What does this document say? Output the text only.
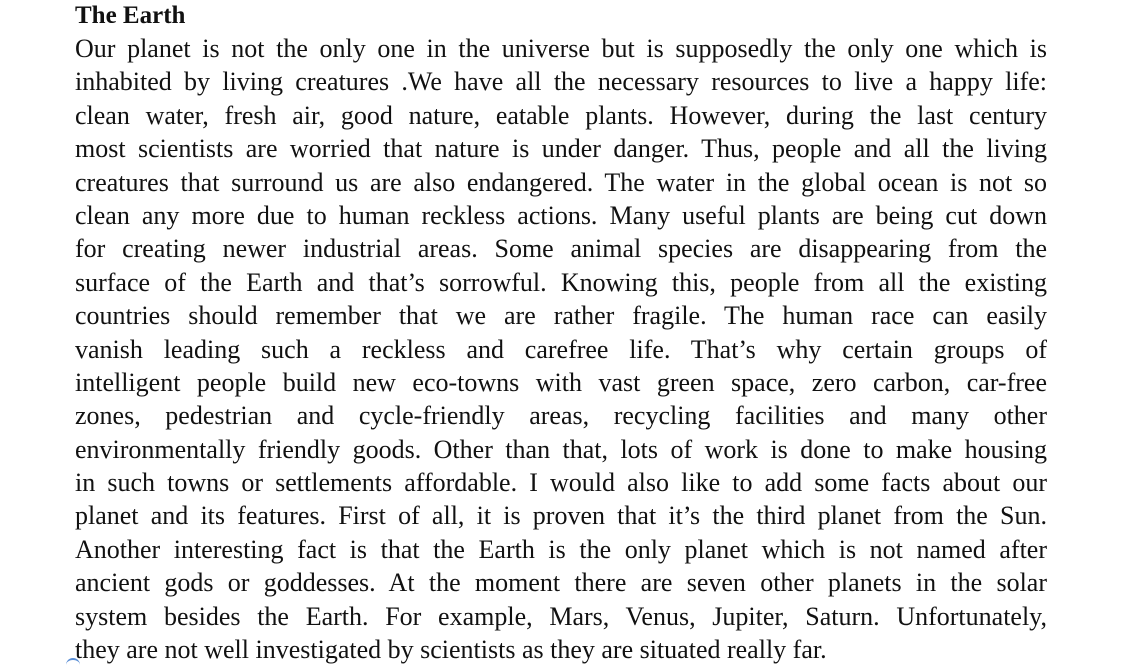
The Earth
Our planet is not the only one in the universe but is supposedly the only one which is
inhabited by living creatures .We have all the necessary resources to live a happy life:
clean water, fresh air, good nature, eatable plants. However, during the last century
most scientists are worried that nature is under danger. Thus, people and all the living
creatures that surround us are also endangered. The water in the global ocean is not so
clean any more due to human reckless actions. Many useful plants are being cut down
for creating newer industrial areas. Some animal species are disappearing from the
surface of the Earth and that’s sorrowful. Knowing this, people from all the existing
countries should remember that we are rather fragile. The human race can easily
vanish leading such a reckless and carefree life. That’s why certain groups of
intelligent people build new eco-towns with vast green space, zero carbon, car-free
zones, pedestrian and cycle-friendly areas, recycling facilities and many other
environmentally friendly goods. Other than that, lots of work is done to make housing
in such towns or settlements affordable. I would also like to add some facts about our
planet and its features. First of all, it is proven that it’s the third planet from the Sun.
Another interesting fact is that the Earth is the only planet which is not named after
ancient gods or goddesses. At the moment there are seven other planets in the solar
system besides the Earth. For example, Mars, Venus, Jupiter, Saturn. Unfortunately,
they are not well investigated by scientists as they are situated really far.
